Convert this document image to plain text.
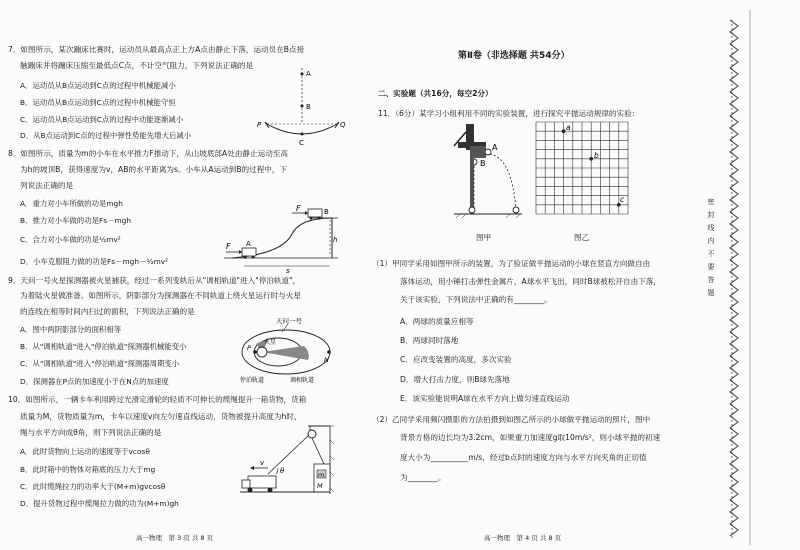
7．如图所示，某次蹦床比赛时，运动员从最高点正上方A点由静止下落，运动员在B点接
触蹦床并将蹦床压缩至最低点C点，不计空气阻力，下列说法正确的是
A．运动员从B点运动到C点的过程中机械能减小
B．运动员从B点运动到C点的过程中机械能守恒
C．运动员从B点运动到C点的过程中动能逐渐减小
D．从B点运动到C点的过程中弹性势能先增大后减小
A
B
C
P	Q
8．如图所示，质量为m的小车在水平推力F推动下，从山坡底部A处由静止运动至高
为h的坡顶B，获得速度为v，AB的水平距离为s。小车从A运动到B的过程中，下
列说法正确的是
A．重力对小车所做的功是mgh
B．推力对小车做的功是Fs－mgh
C．合力对小车做的功是½mv²
D．小车克服阻力做的功是Fs－mgh－½mv²
F
F
A
B
h
s
9．天问一号火星探测器被火星捕获，经过一系列变轨后从"调相轨道"进入"停泊轨道"，
为着陆火星做准备。如图所示，阴影部分为探测器在不同轨道上绕火星运行时与火星
的连线在相等时间内扫过的面积，下列说法正确的是
A．图中两阴影部分的面积相等
B．从"调相轨道"进入"停泊轨道"探测器机械能变小
C．从"调相轨道"进入"停泊轨道"探测器周期变小
D．探测器在P点的加速度小于在N点的加速度
天问一号
火星
P
N
停泊轨道	调相轨道
10．如图所示，一辆卡车利用跨过光滑定滑轮的轻质不可伸长的缆绳提升一箱货物，货箱
质量为M，货物质量为m，卡车以速度v向左匀速直线运动，货物被提升高度为h时，
绳与水平方向成θ角，则下列说法正确的是
A．此时货物向上运动的速度等于vcosθ
B．此时箱中的物体对箱底的压力大于mg
C．此时缆绳拉力的功率大于(M+m)gvcosθ
D．提升货物过程中缆绳拉力做的功为(M+m)gh
v
θ	m
M
高一物理　第 3 页 共 8 页
第Ⅱ卷（非选择题 共54分）
二、实验题（共16分，每空2分）
11．（6分）某学习小组利用不同的实验装置，进行探究平抛运动规律的实验：
A
B
图甲
a
b
c
图乙
（1）甲同学采用如图甲所示的装置，为了验证做平抛运动的小球在竖直方向做自由
落体运动，用小锤打击弹性金属片，A球水平飞出，同时B球被松开自由下落，
关于该实验，下列说法中正确的有________。
A．两球的质量应相等
B．两球同时落地
C．应改变装置的高度，多次实验
D．增大打击力度，则B球先落地
E．该实验能说明A球在水平方向上做匀速直线运动
（2）乙同学采用频闪摄影的方法拍摄到如图乙所示的小球做平抛运动的照片，图中
背景方格的边长均为3.2cm，如果重力加速度g取10m/s²，则小球平抛的初速
度大小为__________m/s，经过b点时的速度方向与水平方向夹角的正切值
为________。
高一物理　第 4 页 共 8 页
密
封
线
内
不
要
答
题
